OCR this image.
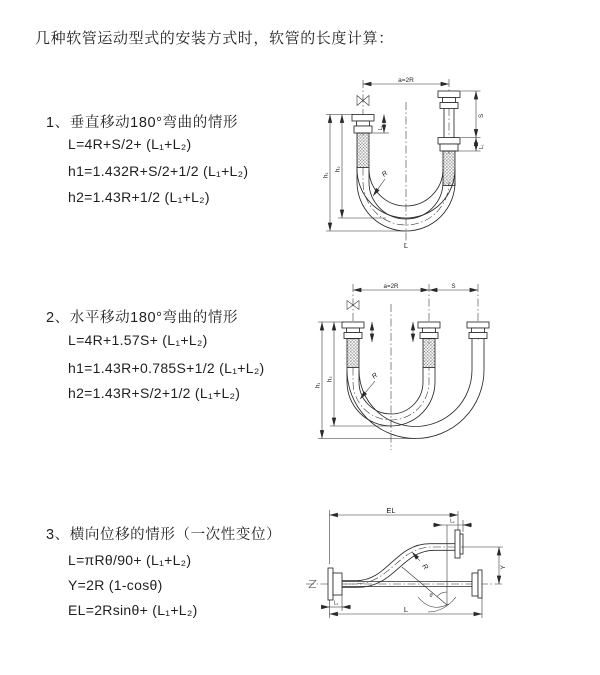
几种软管运动型式的安装方式时，软管的长度计算：
1、垂直移动180°弯曲的情形
L=4R+S/2+ (L₁+L₂)
h1=1.432R+S/2+1/2 (L₁+L₂)
h2=1.43R+1/2 (L₁+L₂)
2、水平移动180°弯曲的情形
L=4R+1.57S+ (L₁+L₂)
h1=1.43R+0.785S+1/2 (L₁+L₂)
h2=1.43R+S/2+1/2 (L₁+L₂)
3、横向位移的情形（一次性变位）
L=πRθ/90+ (L₁+L₂)
Y=2R (1-cosθ)
EL=2Rsinθ+ (L₁+L₂)
a=2R
h₁
h₂
L₁
S
L₁
R
L
a=2R	S
h₁
h₂	R
EL
L₁
Y
L
L₁
θ
R
